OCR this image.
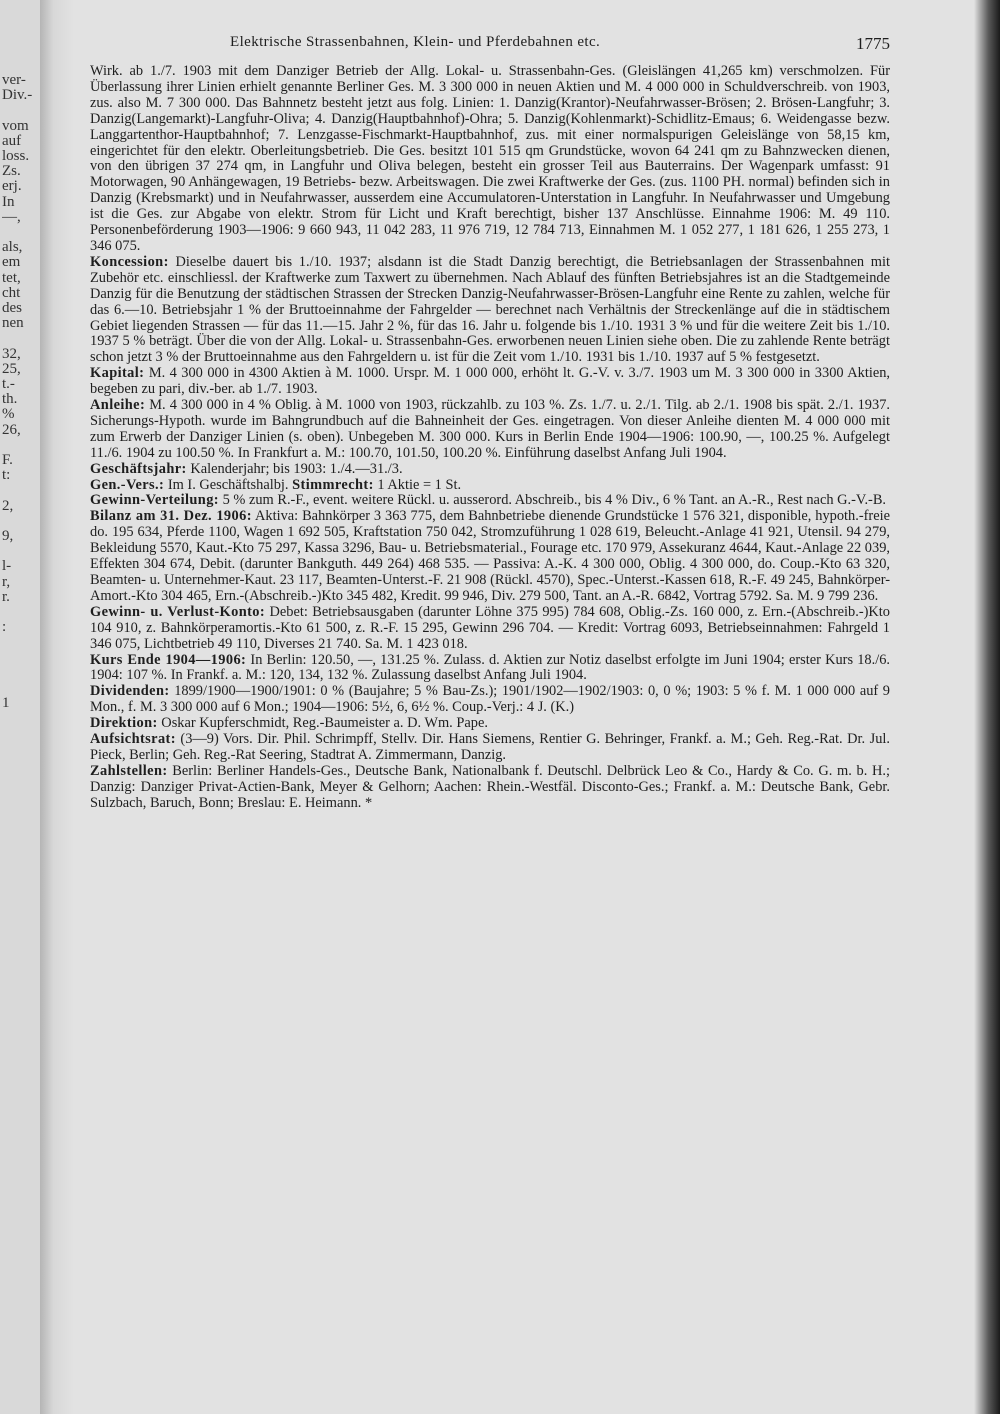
ver-
Div.-
vom
auf
loss.
Zs.
erj.
In
—,
als,
em
tet,
cht
des
nen
32,
25,
t.-
th.
%
26,
F.
t:
2,
9,
l-
r,
r.
:
1
Elektrische Strassenbahnen, Klein- und Pferdebahnen etc.	1775

Wirk. ab 1./7. 1903 mit dem Danziger Betrieb der Allg. Lokal- u. Strassenbahn-Ges. (Gleislängen 41,265 km) verschmolzen. Für Überlassung ihrer Linien erhielt genannte Berliner Ges. M. 3 300 000 in neuen Aktien und M. 4 000 000 in Schuldverschreib. von 1903, zus. also M. 7 300 000. Das Bahnnetz besteht jetzt aus folg. Linien: 1. Danzig(Krantor)-Neufahrwasser-Brösen; 2. Brösen-Langfuhr; 3. Danzig(Langemarkt)-Langfuhr-Oliva; 4. Danzig(Hauptbahnhof)-Ohra; 5. Danzig(Kohlenmarkt)-Schidlitz-Emaus; 6. Weidengasse bezw. Langgartenthor-Hauptbahnhof; 7. Lenzgasse-Fischmarkt-Hauptbahnhof, zus. mit einer normalspurigen Geleislänge von 58,15 km, eingerichtet für den elektr. Oberleitungsbetrieb. Die Ges. besitzt 101 515 qm Grundstücke, wovon 64 241 qm zu Bahnzwecken dienen, von den übrigen 37 274 qm, in Langfuhr und Oliva belegen, besteht ein grosser Teil aus Bauterrains. Der Wagenpark umfasst: 91 Motorwagen, 90 Anhängewagen, 19 Betriebs- bezw. Arbeitswagen. Die zwei Kraftwerke der Ges. (zus. 1100 PH. normal) befinden sich in Danzig (Krebsmarkt) und in Neufahrwasser, ausserdem eine Accumulatoren-Unterstation in Langfuhr. In Neufahrwasser und Umgebung ist die Ges. zur Abgabe von elektr. Strom für Licht und Kraft berechtigt, bisher 137 Anschlüsse. Einnahme 1906: M. 49 110. Personenbeförderung 1903—1906: 9 660 943, 11 042 283, 11 976 719, 12 784 713, Einnahmen M. 1 052 277, 1 181 626, 1 255 273, 1 346 075.

Koncession: Dieselbe dauert bis 1./10. 1937; alsdann ist die Stadt Danzig berechtigt, die Betriebsanlagen der Strassenbahnen mit Zubehör etc. einschliessl. der Kraftwerke zum Taxwert zu übernehmen. Nach Ablauf des fünften Betriebsjahres ist an die Stadtgemeinde Danzig für die Benutzung der städtischen Strassen der Strecken Danzig-Neufahrwasser-Brösen-Langfuhr eine Rente zu zahlen, welche für das 6.—10. Betriebsjahr 1 % der Bruttoeinnahme der Fahrgelder — berechnet nach Verhältnis der Streckenlänge auf die in städtischem Gebiet liegenden Strassen — für das 11.—15. Jahr 2 %, für das 16. Jahr u. folgende bis 1./10. 1931 3 % und für die weitere Zeit bis 1./10. 1937 5 % beträgt. Über die von der Allg. Lokal- u. Strassenbahn-Ges. erworbenen neuen Linien siehe oben. Die zu zahlende Rente beträgt schon jetzt 3 % der Bruttoeinnahme aus den Fahrgeldern u. ist für die Zeit vom 1./10. 1931 bis 1./10. 1937 auf 5 % festgesetzt.

Kapital: M. 4 300 000 in 4300 Aktien à M. 1000. Urspr. M. 1 000 000, erhöht lt. G.-V. v. 3./7. 1903 um M. 3 300 000 in 3300 Aktien, begeben zu pari, div.-ber. ab 1./7. 1903.

Anleihe: M. 4 300 000 in 4 % Oblig. à M. 1000 von 1903, rückzahlb. zu 103 %. Zs. 1./7. u. 2./1. Tilg. ab 2./1. 1908 bis spät. 2./1. 1937. Sicherungs-Hypoth. wurde im Bahngrundbuch auf die Bahneinheit der Ges. eingetragen. Von dieser Anleihe dienten M. 4 000 000 mit zum Erwerb der Danziger Linien (s. oben). Unbegeben M. 300 000. Kurs in Berlin Ende 1904—1906: 100.90, —, 100.25 %. Aufgelegt 11./6. 1904 zu 100.50 %. In Frankfurt a. M.: 100.70, 101.50, 100.20 %. Einführung daselbst Anfang Juli 1904.

Geschäftsjahr: Kalenderjahr; bis 1903: 1./4.—31./3.

Gen.-Vers.: Im I. Geschäftshalbj. Stimmrecht: 1 Aktie = 1 St.

Gewinn-Verteilung: 5 % zum R.-F., event. weitere Rückl. u. ausserord. Abschreib., bis 4 % Div., 6 % Tant. an A.-R., Rest nach G.-V.-B.

Bilanz am 31. Dez. 1906: Aktiva: Bahnkörper 3 363 775, dem Bahnbetriebe dienende Grundstücke 1 576 321, disponible, hypoth.-freie do. 195 634, Pferde 1100, Wagen 1 692 505, Kraftstation 750 042, Stromzuführung 1 028 619, Beleucht.-Anlage 41 921, Utensil. 94 279, Bekleidung 5570, Kaut.-Kto 75 297, Kassa 3296, Bau- u. Betriebsmaterial., Fourage etc. 170 979, Assekuranz 4644, Kaut.-Anlage 22 039, Effekten 304 674, Debit. (darunter Bankguth. 449 264) 468 535. — Passiva: A.-K. 4 300 000, Oblig. 4 300 000, do. Coup.-Kto 63 320, Beamten- u. Unternehmer-Kaut. 23 117, Beamten-Unterst.-F. 21 908 (Rückl. 4570), Spec.-Unterst.-Kassen 618, R.-F. 49 245, Bahnkörper-Amort.-Kto 304 465, Ern.-(Abschreib.-)Kto 345 482, Kredit. 99 946, Div. 279 500, Tant. an A.-R. 6842, Vortrag 5792. Sa. M. 9 799 236.

Gewinn- u. Verlust-Konto: Debet: Betriebsausgaben (darunter Löhne 375 995) 784 608, Oblig.-Zs. 160 000, z. Ern.-(Abschreib.-)Kto 104 910, z. Bahnkörperamortis.-Kto 61 500, z. R.-F. 15 295, Gewinn 296 704. — Kredit: Vortrag 6093, Betriebseinnahmen: Fahrgeld 1 346 075, Lichtbetrieb 49 110, Diverses 21 740. Sa. M. 1 423 018.

Kurs Ende 1904—1906: In Berlin: 120.50, —, 131.25 %. Zulass. d. Aktien zur Notiz daselbst erfolgte im Juni 1904; erster Kurs 18./6. 1904: 107 %. In Frankf. a. M.: 120, 134, 132 %. Zulassung daselbst Anfang Juli 1904.

Dividenden: 1899/1900—1900/1901: 0 % (Baujahre; 5 % Bau-Zs.); 1901/1902—1902/1903: 0, 0 %; 1903: 5 % f. M. 1 000 000 auf 9 Mon., f. M. 3 300 000 auf 6 Mon.; 1904—1906: 5½, 6, 6½ %. Coup.-Verj.: 4 J. (K.)

Direktion: Oskar Kupferschmidt, Reg.-Baumeister a. D. Wm. Pape.

Aufsichtsrat: (3—9) Vors. Dir. Phil. Schrimpff, Stellv. Dir. Hans Siemens, Rentier G. Behringer, Frankf. a. M.; Geh. Reg.-Rat. Dr. Jul. Pieck, Berlin; Geh. Reg.-Rat Seering, Stadtrat A. Zimmermann, Danzig.

Zahlstellen: Berlin: Berliner Handels-Ges., Deutsche Bank, Nationalbank f. Deutschl. Delbrück Leo & Co., Hardy & Co. G. m. b. H.; Danzig: Danziger Privat-Actien-Bank, Meyer & Gelhorn; Aachen: Rhein.-Westfäl. Disconto-Ges.; Frankf. a. M.: Deutsche Bank, Gebr. Sulzbach, Baruch, Bonn; Breslau: E. Heimann. *
